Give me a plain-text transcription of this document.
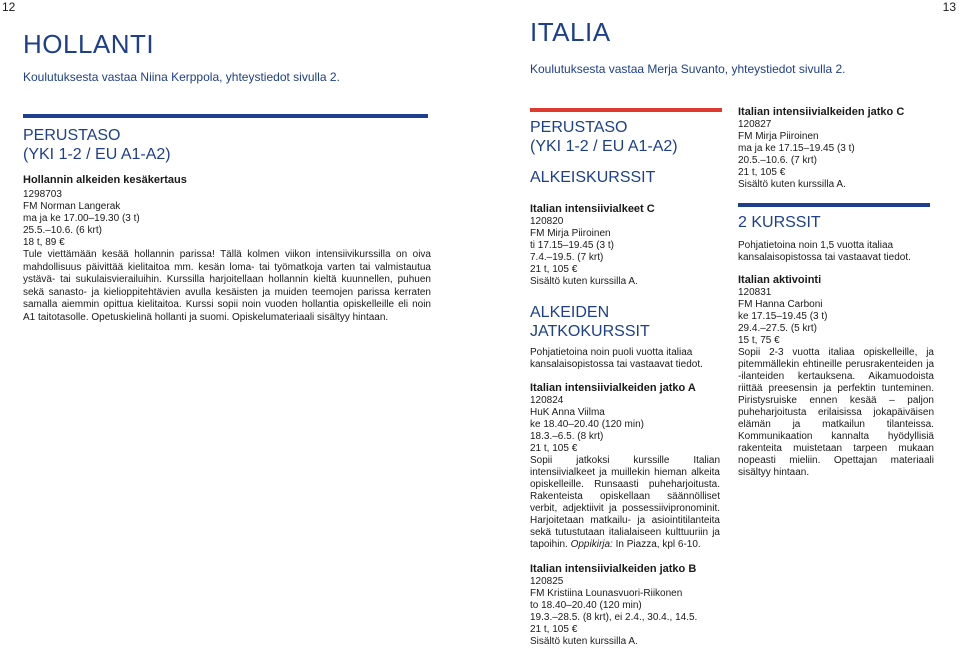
12	13
HOLLANTI
Koulutuksesta vastaa Niina Kerppola, yhteystiedot sivulla 2.
PERUSTASO
(YKI 1-2 / EU A1-A2)
Hollannin alkeiden kesäkertaus
1298703
FM Norman Langerak
ma ja ke 17.00–19.30 (3 t)
25.5.–10.6. (6 krt)
18 t, 89 €

Tule viettämään kesää hollannin parissa! Tällä kolmen viikon intensiivikurssilla on oiva mahdollisuus päivittää kielitaitoa mm. kesän loma- tai työmatkoja varten tai valmistautua ystävä- tai sukulaisvierailuihin. Kurssilla harjoitellaan hollannin kieltä kuunnellen, puhuen sekä sanasto- ja kielioppitehtävien avulla kesäisten ja muiden teemojen parissa kerraten samalla aiemmin opittua kielitaitoa. Kurssi sopii noin vuoden hollantia opiskelleille eli noin A1 taitotasolle. Opetuskielinä hollanti ja suomi. Opiskelumateriaali sisältyy hintaan.

ITALIA
Koulutuksesta vastaa Merja Suvanto, yhteystiedot sivulla 2.
PERUSTASO
(YKI 1-2 / EU A1-A2)
ALKEISKURSSIT
Italian intensiivialkeet C
120820
FM Mirja Piiroinen
ti 17.15–19.45 (3 t)
7.4.–19.5. (7 krt)
21 t, 105 €
Sisältö kuten kurssilla A.
ALKEIDEN JATKOKURSSIT

Pohjatietoina noin puoli vuotta italiaa kansalaisopistossa tai vastaavat tiedot.

Italian intensiivialkeiden jatko A
120824
HuK Anna Viilma
ke 18.40–20.40 (120 min)
18.3.–6.5. (8 krt)
21 t, 105 €

Sopii jatkoksi kurssille Italian intensiivialkeet ja muillekin hieman alkeita opiskelleille. Runsaasti puheharjoitusta. Rakenteista opiskellaan säännölliset verbit, adjektiivit ja possessiivipronominit. Harjoitetaan matkailu- ja asiointitilanteita sekä tutustutaan italialaiseen kulttuuriin ja tapoihin. Oppikirja: In Piazza, kpl 6-10.

Italian intensiivialkeiden jatko B
120825
FM Kristiina Lounasvuori-Riikonen
to 18.40–20.40 (120 min)
19.3.–28.5. (8 krt), ei 2.4., 30.4., 14.5.
21 t, 105 €
Sisältö kuten kurssilla A.
Italian intensiivialkeiden jatko C
120827
FM Mirja Piiroinen
ma ja ke 17.15–19.45 (3 t)
20.5.–10.6. (7 krt)
21 t, 105 €
Sisältö kuten kurssilla A.
2 KURSSIT

Pohjatietoina noin 1,5 vuotta italiaa kansalaisopistossa tai vastaavat tiedot.

Italian aktivointi
120831
FM Hanna Carboni
ke 17.15–19.45 (3 t)
29.4.–27.5. (5 krt)
15 t, 75 €

Sopii 2-3 vuotta italiaa opiskelleille, ja pitemmällekin ehtineille perusrakenteiden ja -ilanteiden kertauksena. Aikamuodoista riittää preesensin ja perfektin tunteminen. Piristysruiske ennen kesää – paljon puheharjoitusta erilaisissa jokapäiväisen elämän ja matkailun tilanteissa. Kommunikaation kannalta hyödyllisiä rakenteita muistetaan tarpeen mukaan nopeasti mieliin. Opettajan materiaali sisältyy hintaan.
